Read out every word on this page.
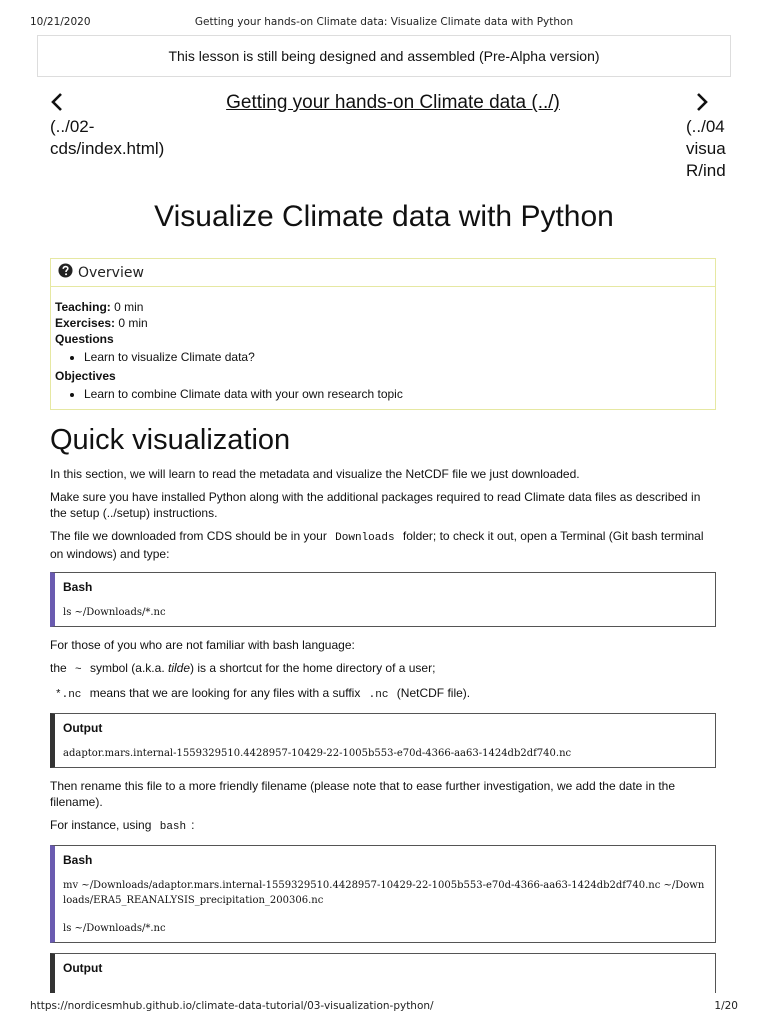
10/21/2020	Getting your hands-on Climate data: Visualize Climate data with Python
This lesson is still being designed and assembled (Pre-Alpha version)
(../02-
cds/index.html)
Getting your hands-on Climate data (../)
(../04
visua
R/ind
Visualize Climate data with Python
Overview
Teaching: 0 min
Exercises: 0 min
Questions
• Learn to visualize Climate data?
Objectives
• Learn to combine Climate data with your own research topic
Quick visualization

In this section, we will learn to read the metadata and visualize the NetCDF file we just downloaded.

Make sure you have installed Python along with the additional packages required to read Climate data files as described in the setup (../setup) instructions.

The file we downloaded from CDS should be in your Downloads folder; to check it out, open a Terminal (Git bash terminal on windows) and type:

Bash
ls ~/Downloads/*.nc

For those of you who are not familiar with bash language:

the ~ symbol (a.k.a. tilde) is a shortcut for the home directory of a user;

*.nc means that we are looking for any files with a suffix .nc (NetCDF file).

Output
adaptor.mars.internal-1559329510.4428957-10429-22-1005b553-e70d-4366-aa63-1424db2df740.nc

Then rename this file to a more friendly filename (please note that to ease further investigation, we add the date in the filename).

For instance, using bash :

Bash
mv ~/Downloads/adaptor.mars.internal-1559329510.4428957-10429-22-1005b553-e70d-4366-aa63-1424db2df740.nc ~/Downloads/ERA5_REANALYSIS_precipitation_200306.nc
ls ~/Downloads/*.nc
Output
https://nordicesmhub.github.io/climate-data-tutorial/03-visualization-python/	1/20
